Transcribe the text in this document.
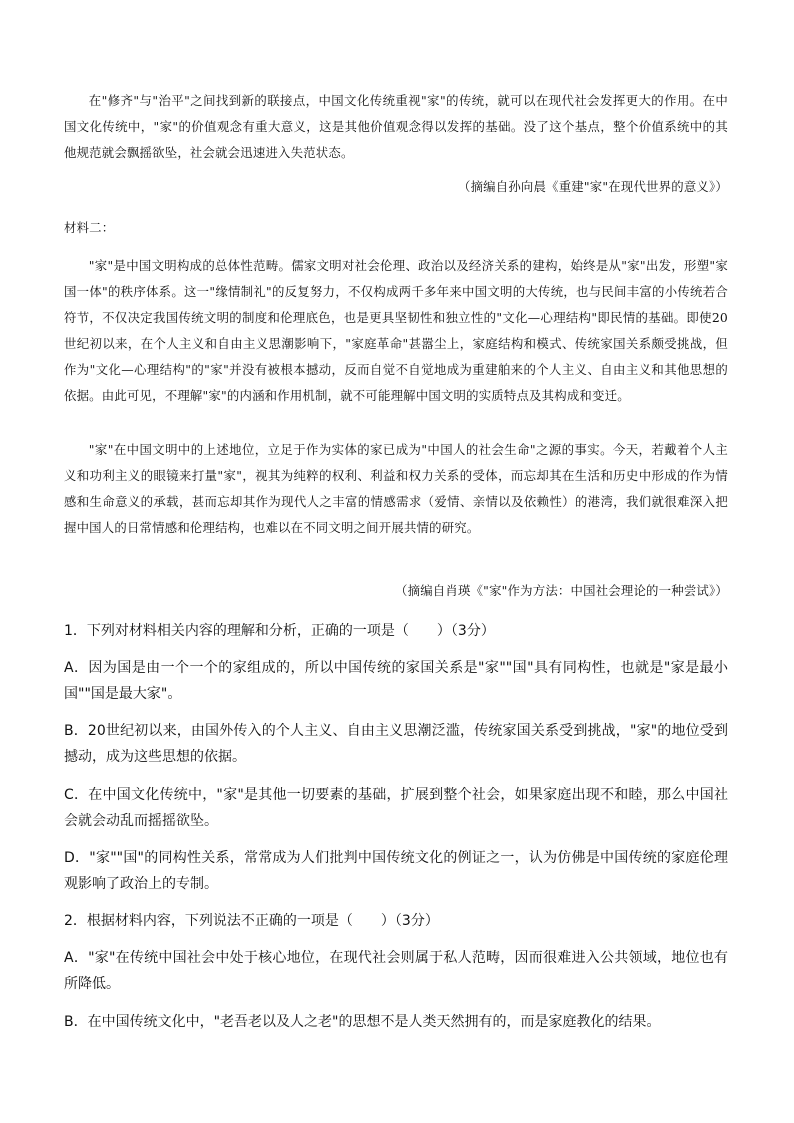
在"修齐"与"治平"之间找到新的联接点，中国文化传统重视"家"的传统，就可以在现代社会发挥更大的作用。在中国文化传统中，"家"的价值观念有重大意义，这是其他价值观念得以发挥的基础。没了这个基点，整个价值系统中的其他规范就会飘摇欲坠，社会就会迅速进入失范状态。

（摘编自孙向晨《重建"家"在现代世界的意义》）

材料二：

"家"是中国文明构成的总体性范畴。儒家文明对社会伦理、政治以及经济关系的建构，始终是从"家"出发，形塑"家国一体"的秩序体系。这一"缘情制礼"的反复努力，不仅构成两千多年来中国文明的大传统，也与民间丰富的小传统若合符节，不仅决定我国传统文明的制度和伦理底色，也是更具坚韧性和独立性的"文化—心理结构"即民情的基础。即使20世纪初以来，在个人主义和自由主义思潮影响下，"家庭革命"甚嚣尘上，家庭结构和模式、传统家国关系颇受挑战，但作为"文化—心理结构"的"家"并没有被根本撼动，反而自觉不自觉地成为重建舶来的个人主义、自由主义和其他思想的依据。由此可见，不理解"家"的内涵和作用机制，就不可能理解中国文明的实质特点及其构成和变迁。

"家"在中国文明中的上述地位，立足于作为实体的家已成为"中国人的社会生命"之源的事实。今天，若戴着个人主义和功利主义的眼镜来打量"家"，视其为纯粹的权利、利益和权力关系的受体，而忘却其在生活和历史中形成的作为情感和生命意义的承载，甚而忘却其作为现代人之丰富的情感需求（爱情、亲情以及依赖性）的港湾，我们就很难深入把握中国人的日常情感和伦理结构，也难以在不同文明之间开展共情的研究。

（摘编自肖瑛《"家"作为方法：中国社会理论的一种尝试》）

1．下列对材料相关内容的理解和分析，正确的一项是（　　）（3分）

A．因为国是由一个一个的家组成的，所以中国传统的家国关系是"家""国"具有同构性，也就是"家是最小国""国是最大家"。

B．20世纪初以来，由国外传入的个人主义、自由主义思潮泛滥，传统家国关系受到挑战，"家"的地位受到撼动，成为这些思想的依据。

C．在中国文化传统中，"家"是其他一切要素的基础，扩展到整个社会，如果家庭出现不和睦，那么中国社会就会动乱而摇摇欲坠。

D．"家""国"的同构性关系，常常成为人们批判中国传统文化的例证之一，认为仿佛是中国传统的家庭伦理观影响了政治上的专制。

2．根据材料内容，下列说法不正确的一项是（　　）（3分）

A．"家"在传统中国社会中处于核心地位，在现代社会则属于私人范畴，因而很难进入公共领域，地位也有所降低。

B．在中国传统文化中，"老吾老以及人之老"的思想不是人类天然拥有的，而是家庭教化的结果。
